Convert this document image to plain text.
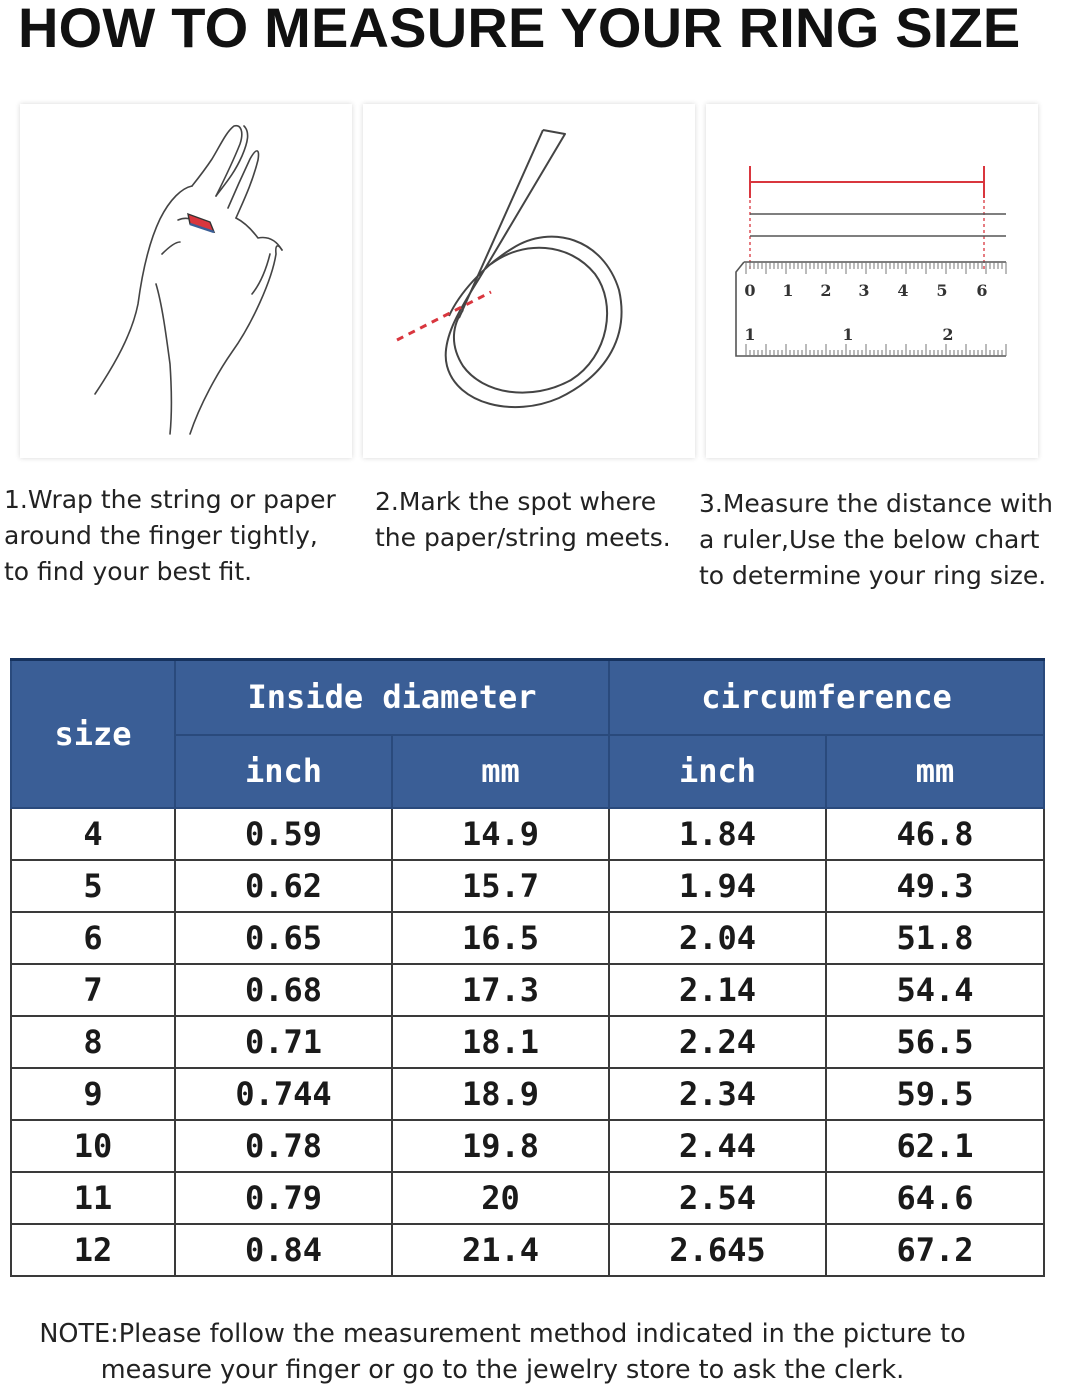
HOW TO MEASURE YOUR RING SIZE
0 1 2 3 4 5 6
1	1	2
1.Wrap the string or paper
around the finger tightly,
to find your best fit.
2.Mark the spot where
the paper/string meets.
3.Measure the distance with
a ruler,Use the below chart
to determine your ring size.
size	Inside diameter		circumference	
	inch	mm	inch	mm
4	0.59	14.9	1.84	46.8
5	0.62	15.7	1.94	49.3
6	0.65	16.5	2.04	51.8
7	0.68	17.3	2.14	54.4
8	0.71	18.1	2.24	56.5
9	0.744	18.9	2.34	59.5
10	0.78	19.8	2.44	62.1
11	0.79	20	2.54	64.6
12	0.84	21.4	2.645	67.2
NOTE:Please follow the measurement method indicated in the picture to
measure your finger or go to the jewelry store to ask the clerk.
